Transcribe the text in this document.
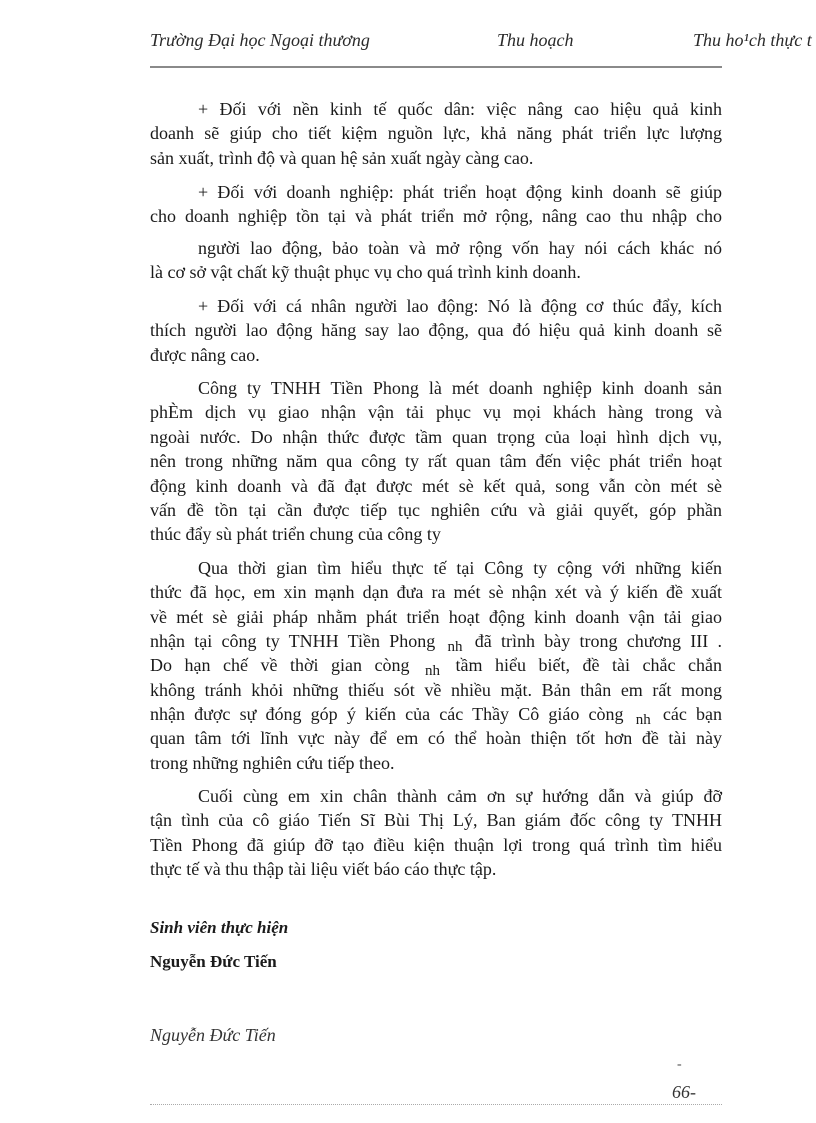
Trường Đại học Ngoại thương	Thu hoạch	Thu ho¹ch thực t
+ Đối với nền kinh tế quốc dân: việc nâng cao hiệu quả kinh
doanh sẽ giúp cho tiết kiệm nguồn lực, khả năng phát triển lực lượng
sản xuất, trình độ và quan hệ sản xuất ngày càng cao.
+ Đối với doanh nghiệp: phát triển hoạt động kinh doanh sẽ giúp
cho doanh nghiệp tồn tại và phát triển mở rộng, nâng cao thu nhập cho
người lao động, bảo toàn và mở rộng vốn hay nói cách khác nó
là cơ sở vật chất kỹ thuật phục vụ cho quá trình kinh doanh.
+ Đối với cá nhân người lao động: Nó là động cơ thúc đẩy, kích
thích người lao động hăng say lao động, qua đó hiệu quả kinh doanh sẽ
được nâng cao.
Công ty TNHH Tiền Phong là mét doanh nghiệp kinh doanh sản
phÈm dịch vụ giao nhận vận tải phục vụ mọi khách hàng trong và
ngoài nước. Do nhận thức được tầm quan trọng của loại hình dịch vụ,
nên trong những năm qua công ty rất quan tâm đến việc phát triển hoạt
động kinh doanh và đã đạt được mét sè kết quả, song vẫn còn mét sè
vấn đề tồn tại cần được tiếp tục nghiên cứu và giải quyết, góp phần
thúc đẩy sù phát triển chung của công ty
Qua thời gian tìm hiểu thực tế tại Công ty cộng với những kiến
thức đã học, em xin mạnh dạn đưa ra mét sè nhận xét và ý kiến đề xuất
về mét sè giải pháp nhằm phát triển hoạt động kinh doanh vận tải giao
nhận tại công ty TNHH Tiền Phong $_{nh}$ đã trình bày trong chương III .
Do hạn chế về thời gian còng $_{nh}$ tầm hiểu biết, đề tài chắc chắn
không tránh khỏi những thiếu sót về nhiều mặt. Bản thân em rất mong
nhận được sự đóng góp ý kiến của các Thầy Cô giáo còng $_{nh}$ các bạn
quan tâm tới lĩnh vực này để em có thể hoàn thiện tốt hơn đề tài này
trong những nghiên cứu tiếp theo.
Cuối cùng em xin chân thành cảm ơn sự hướng dẫn và giúp đỡ
tận tình của cô giáo Tiến Sĩ Bùi Thị Lý, Ban giám đốc công ty TNHH
Tiền Phong đã giúp đỡ tạo điều kiện thuận lợi trong quá trình tìm hiểu
thực tế và thu thập tài liệu viết báo cáo thực tập.
Sinh viên thực hiện
Nguyễn Đức Tiến
Nguyễn Đức Tiến
-
66-
